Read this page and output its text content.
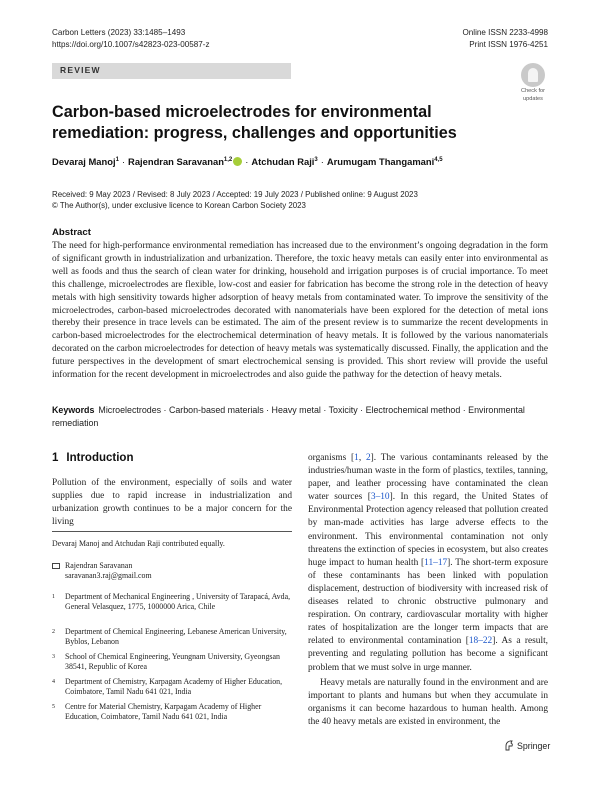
Carbon Letters (2023) 33:1485–1493
https://doi.org/10.1007/s42823-023-00587-z
Online ISSN 2233-4998
Print ISSN 1976-4251
REVIEW
Check for
updates
Carbon-based microelectrodes for environmental remediation: progress, challenges and opportunities
Devaraj Manoj$^1$ · Rajendran Saravanan$^{1,2}$ · Atchudan Raji$^3$ · Arumugam Thangamani$^{4,5}$
Received: 9 May 2023 / Revised: 8 July 2023 / Accepted: 19 July 2023 / Published online: 9 August 2023
© The Author(s), under exclusive licence to Korean Carbon Society 2023
Abstract
The need for high-performance environmental remediation has increased due to the environment’s ongoing degradation in the form of significant growth in industrialization and urbanization. Therefore, the toxic heavy metals can easily enter into environmental as well as foods and thus the search of clean water for drinking, household and irrigation purposes is of crucial importance. To meet this challenge, microelectrodes are flexible, low-cost and easier for fabrication has become the strong role in the detection of heavy metals with high sensitivity towards higher adsorption of heavy metals from contaminated water. To improve the sensitivity of the microelectrodes, carbon-based microelectrodes decorated with nanomaterials have been explored for the detection of metal ions thereby their presence in trace levels can be estimated. The aim of the present review is to summarize the recent developments in carbon-based microelectrodes for the electrochemical determination of heavy metals. It is followed by the various nanomaterials decorated on the carbon microelectrodes for detection of heavy metals was systematically discussed. Finally, the application and the future perspectives in the development of smart electrochemical sensing is provided. This short review will provide the useful information for the recent development in microelectrodes and also guide the pathway for the detection of heavy metals.
Keywords Microelectrodes · Carbon-based materials · Heavy metal · Toxicity · Electrochemical method · Environmental remediation
1 Introduction
Pollution of the environment, especially of soils and water supplies due to rapid increase in industrialization and urbanization growth continues to be a major concern for the living
Devaraj Manoj and Atchudan Raji contributed equally.
Rajendran Saravanan
saravanan3.raj@gmail.com
1 Department of Mechanical Engineering , University of Tarapacá, Avda, General Velasquez, 1775, 1000000 Arica, Chile
2 Department of Chemical Engineering, Lebanese American University, Byblos, Lebanon
3 School of Chemical Engineering, Yeungnam University, Gyeongsan 38541, Republic of Korea
4 Department of Chemistry, Karpagam Academy of Higher Education, Coimbatore, Tamil Nadu 641 021, India
5 Centre for Material Chemistry, Karpagam Academy of Higher Education, Coimbatore, Tamil Nadu 641 021, India

organisms [1, 2]. The various contaminants released by the industries/human waste in the form of plastics, textiles, tanning, paper, and leather processing have contaminated the clean water sources [3–10]. In this regard, the United States of Environmental Protection agency released that pollution created by man-made activities has large adverse effects to the environment. This environmental contamination not only threatens the extinction of species in ecosystem, but also creates huge impact to human health [11–17]. The short-term exposure of these contaminants has been linked with population displacement, destruction of biodiversity with increased risk of diseases related to chronic obstructive pulmonary and respiration. On contrary, cardiovascular mortality with higher rates of hospitalization are the longer term impacts that are related to environmental contamination [18–22]. As a result, preventing and regulating pollution has become a significant problem that we must solve in urge manner.

Heavy metals are naturally found in the environment and are important to plants and humans but when they accumulate in organisms it can become hazardous to human health. Among the 40 heavy metals are existed in environment, the

Springer
